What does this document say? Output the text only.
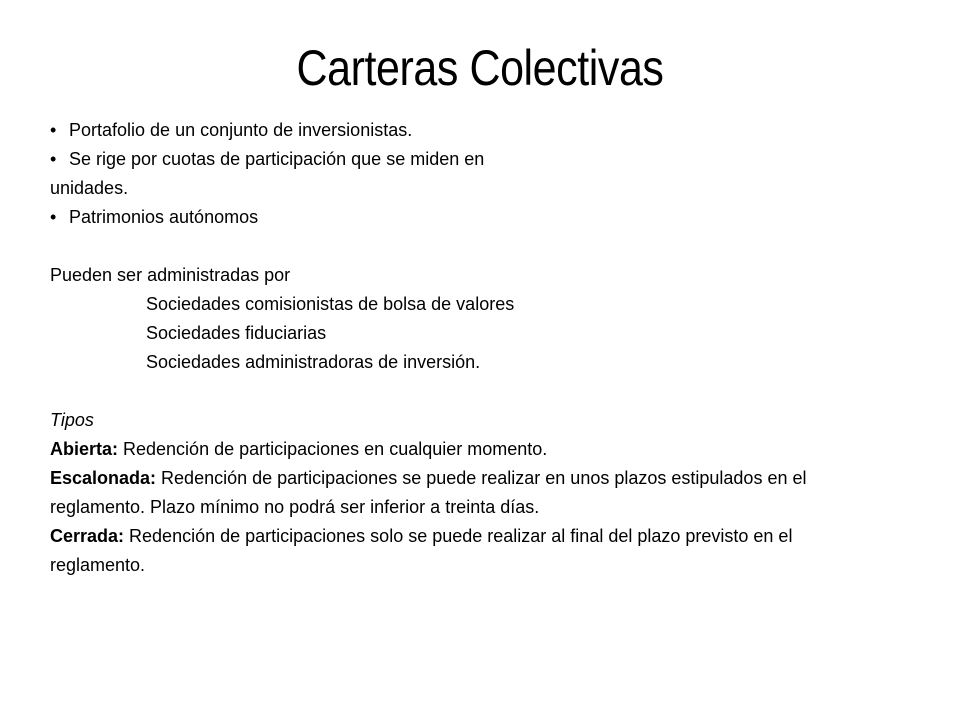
Carteras Colectivas
• Portafolio de un conjunto de inversionistas.
• Se rige por cuotas de participación que se miden en
unidades.
• Patrimonios autónomos
Pueden ser administradas por
Sociedades comisionistas de bolsa de valores
Sociedades fiduciarias
Sociedades administradoras de inversión.
Tipos
Abierta: Redención de participaciones en cualquier momento.
Escalonada: Redención de participaciones se puede realizar en unos plazos estipulados en el
reglamento. Plazo mínimo no podrá ser inferior a treinta días.
Cerrada: Redención de participaciones solo se puede realizar al final del plazo previsto en el
reglamento.
